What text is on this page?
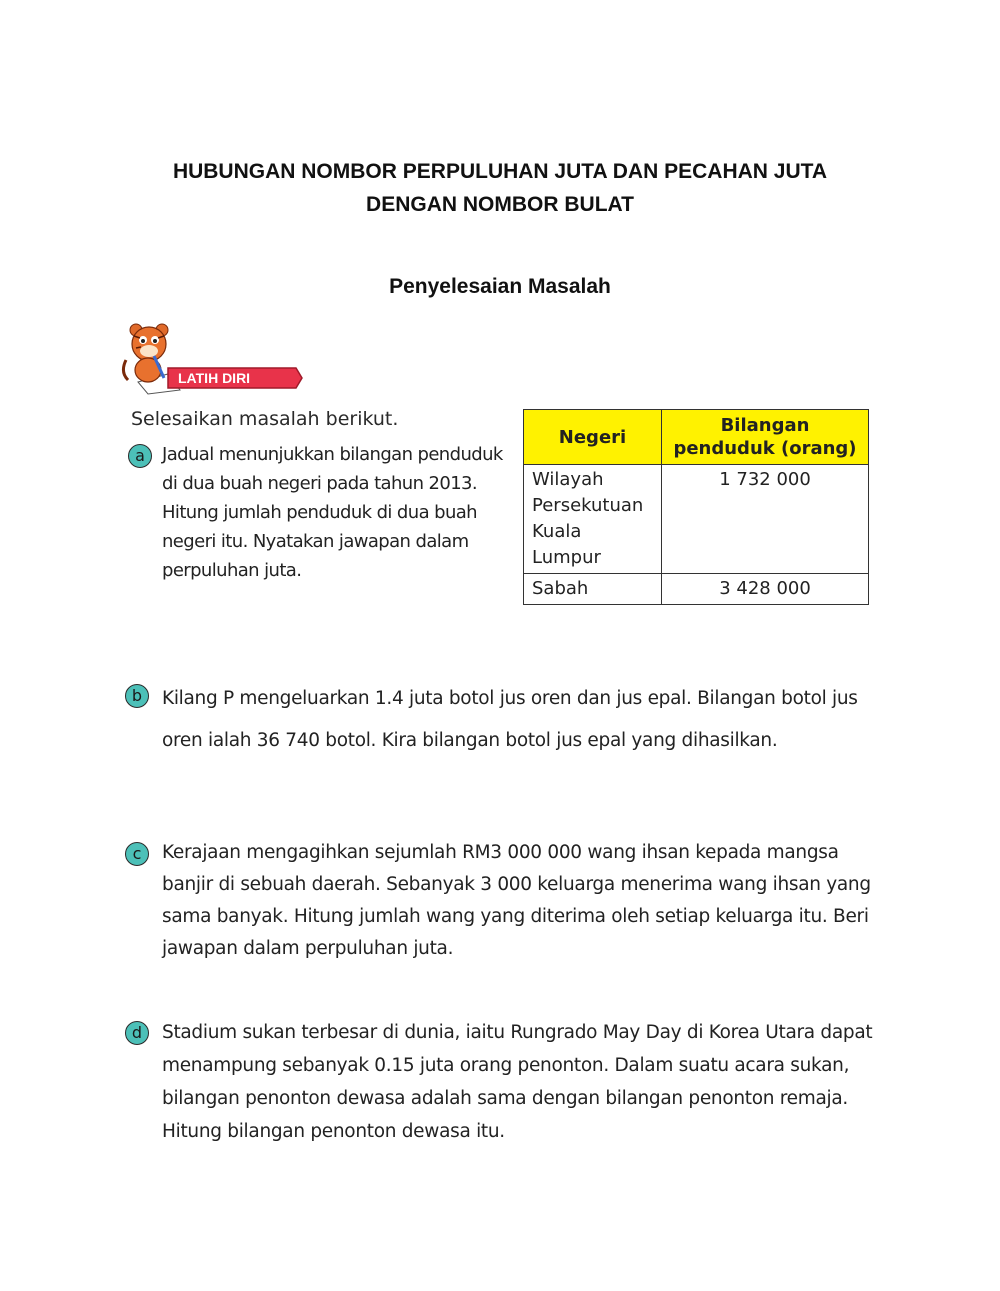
HUBUNGAN NOMBOR PERPULUHAN JUTA DAN PECAHAN JUTA
DENGAN NOMBOR BULAT
Penyelesaian Masalah
LATIH DIRI
Selesaikan masalah berikut.
a Jadual menunjukkan bilangan penduduk di dua buah negeri pada tahun 2013. Hitung jumlah penduduk di dua buah negeri itu. Nyatakan jawapan dalam perpuluhan juta.
Negeri	Bilangan penduduk (orang)

Wilayah
Persekutuan
Kuala Lumpur	1 732 000
Sabah	3 428 000
b	Kilang P mengeluarkan 1.4 juta botol jus oren dan jus epal. Bilangan botol jus oren ialah 36 740 botol. Kira bilangan botol jus epal yang dihasilkan.
c	Kerajaan mengagihkan sejumlah RM3 000 000 wang ihsan kepada mangsa banjir di sebuah daerah. Sebanyak 3 000 keluarga menerima wang ihsan yang sama banyak. Hitung jumlah wang yang diterima oleh setiap keluarga itu. Beri jawapan dalam perpuluhan juta.
d	Stadium sukan terbesar di dunia, iaitu Rungrado May Day di Korea Utara dapat menampung sebanyak 0.15 juta orang penonton. Dalam suatu acara sukan, bilangan penonton dewasa adalah sama dengan bilangan penonton remaja. Hitung bilangan penonton dewasa itu.
